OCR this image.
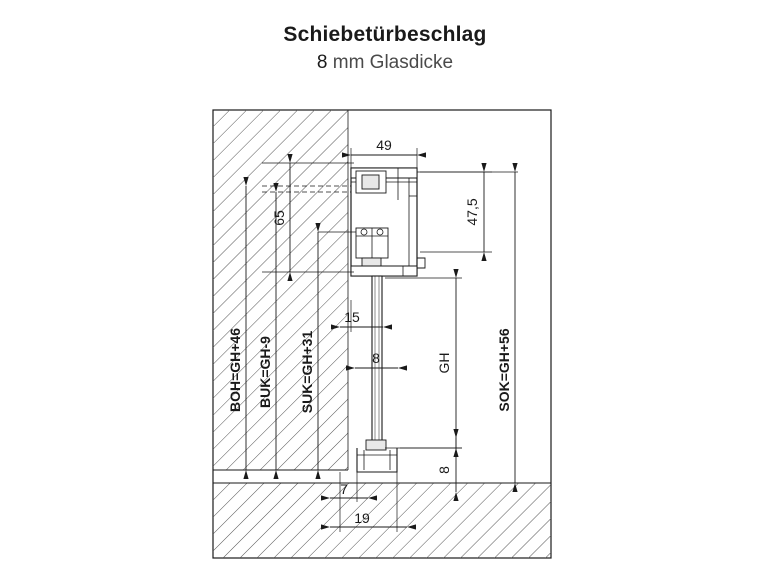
Schiebetürbeschlag
8 mm Glasdicke
49
65	47,5
15
8	GH
BOH=GH+46 BUK=GH-9 SUK=GH+31	SOK=GH+56
8
7
19
